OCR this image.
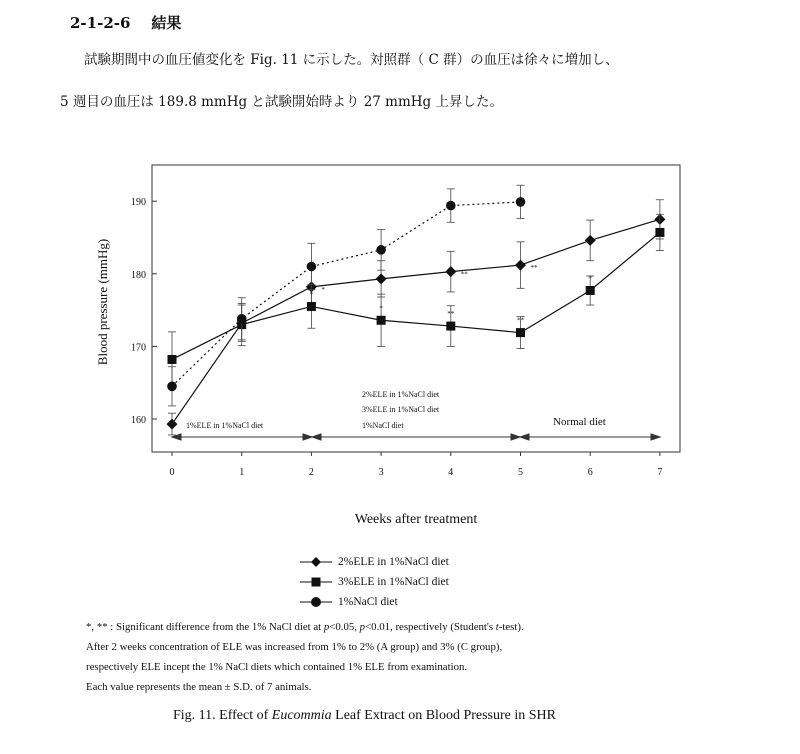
2-1-2-6 結果
試験期間中の血圧値変化を Fig. 11 に示した。対照群（ C 群）の血圧は徐々に増加し、
5 週目の血圧は 189.8 mmHg と試験開始時より 27 mmHg 上昇した。
0	1	2	3	4	5	6	7
160
170
180
190
Blood pressure (mmHg)
Weeks after treatment
1%ELE in 1%NaCl diet
2%ELE in 1%NaCl diet
3%ELE in 1%NaCl diet
1%NaCl diet	Normal diet
*
**
**
*
*
**
**
*
**
2%ELE in 1%NaCl diet
3%ELE in 1%NaCl diet
1%NaCl diet
*, ** : Significant difference from the 1% NaCl diet at p<0.05, p<0.01, respectively (Student's t-test).
After 2 weeks concentration of ELE was increased from 1% to 2% (A group) and 3% (C group),
respectively ELE incept the 1% NaCl diets which contained 1% ELE from examination.
Each value represents the mean ± S.D. of 7 animals.
Fig. 11. Effect of Eucommia Leaf Extract on Blood Pressure in SHR
